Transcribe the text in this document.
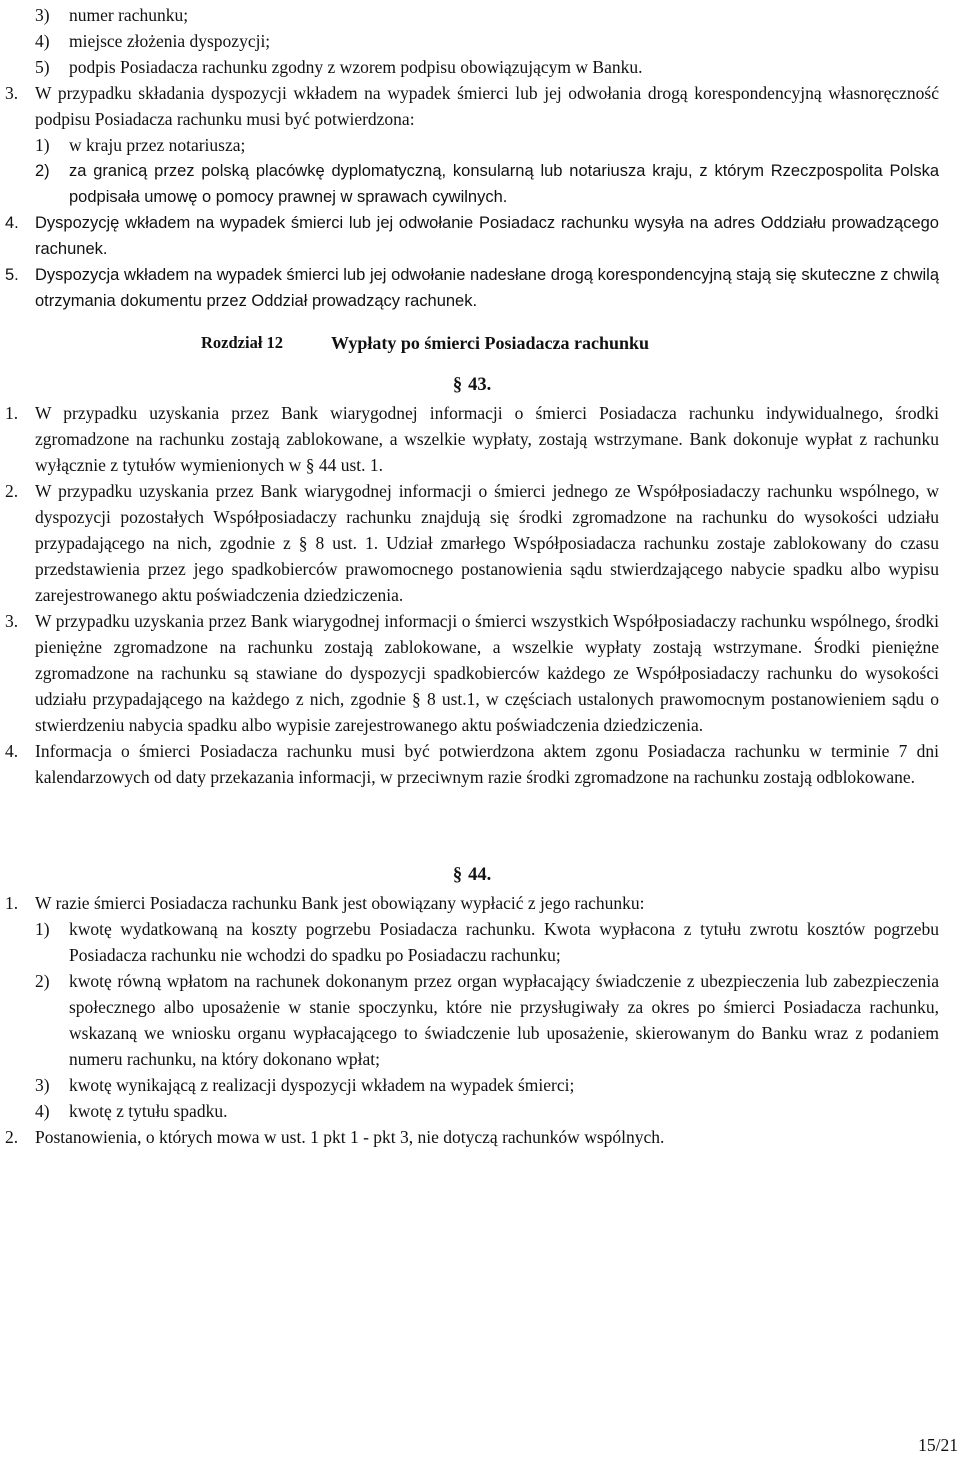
3)	numer rachunku;
4)	miejsce złożenia dyspozycji;
5)	podpis Posiadacza rachunku zgodny z wzorem podpisu obowiązującym w Banku.
3. W przypadku składania dyspozycji wkładem na wypadek śmierci lub jej odwołania drogą korespondencyjną własnoręczność podpisu Posiadacza rachunku musi być potwierdzona:
1)	w kraju przez notariusza;
2)	za granicą przez polską placówkę dyplomatyczną, konsularną lub notariusza kraju, z którym Rzeczpospolita Polska podpisała umowę o pomocy prawnej w sprawach cywilnych.
4. Dyspozycję wkładem na wypadek śmierci lub jej odwołanie Posiadacz rachunku wysyła na adres Oddziału prowadzącego rachunek.
5. Dyspozycja wkładem na wypadek śmierci lub jej odwołanie nadesłane drogą korespondencyjną stają się skuteczne z chwilą otrzymania dokumentu przez Oddział prowadzący rachunek.
Rozdział 12	Wypłaty po śmierci Posiadacza rachunku
§ 43.
1. W przypadku uzyskania przez Bank wiarygodnej informacji o śmierci Posiadacza rachunku indywidualnego, środki zgromadzone na rachunku zostają zablokowane, a wszelkie wypłaty, zostają wstrzymane. Bank dokonuje wypłat z rachunku wyłącznie z tytułów wymienionych w § 44 ust. 1.
2. W przypadku uzyskania przez Bank wiarygodnej informacji o śmierci jednego ze Współposiadaczy rachunku wspólnego, w dyspozycji pozostałych Współposiadaczy rachunku znajdują się środki zgromadzone na rachunku do wysokości udziału przypadającego na nich, zgodnie z § 8 ust. 1. Udział zmarłego Współposiadacza rachunku zostaje zablokowany do czasu przedstawienia przez jego spadkobierców prawomocnego postanowienia sądu stwierdzającego nabycie spadku albo wypisu zarejestrowanego aktu poświadczenia dziedziczenia.
3. W przypadku uzyskania przez Bank wiarygodnej informacji o śmierci wszystkich Współposiadaczy rachunku wspólnego, środki pieniężne zgromadzone na rachunku zostają zablokowane, a wszelkie wypłaty zostają wstrzymane. Środki pieniężne zgromadzone na rachunku są stawiane do dyspozycji spadkobierców każdego ze Współposiadaczy rachunku do wysokości udziału przypadającego na każdego z nich, zgodnie § 8 ust.1, w częściach ustalonych prawomocnym postanowieniem sądu o stwierdzeniu nabycia spadku albo wypisie zarejestrowanego aktu poświadczenia dziedziczenia.
4. Informacja o śmierci Posiadacza rachunku musi być potwierdzona aktem zgonu Posiadacza rachunku w terminie 7 dni kalendarzowych od daty przekazania informacji, w przeciwnym razie środki zgromadzone na rachunku zostają odblokowane.
§ 44.
1. W razie śmierci Posiadacza rachunku Bank jest obowiązany wypłacić z jego rachunku:
1)	kwotę wydatkowaną na koszty pogrzebu Posiadacza rachunku. Kwota wypłacona z tytułu zwrotu kosztów pogrzebu Posiadacza rachunku nie wchodzi do spadku po Posiadaczu rachunku;
2)	kwotę równą wpłatom na rachunek dokonanym przez organ wypłacający świadczenie z ubezpieczenia lub zabezpieczenia społecznego albo uposażenie w stanie spoczynku, które nie przysługiwały za okres po śmierci Posiadacza rachunku, wskazaną we wniosku organu wypłacającego to świadczenie lub uposażenie, skierowanym do Banku wraz z podaniem numeru rachunku, na który dokonano wpłat;
3)	kwotę wynikającą z realizacji dyspozycji wkładem na wypadek śmierci;
4)	kwotę z tytułu spadku.
2. Postanowienia, o których mowa w ust. 1 pkt 1 - pkt 3, nie dotyczą rachunków wspólnych.
15/21
